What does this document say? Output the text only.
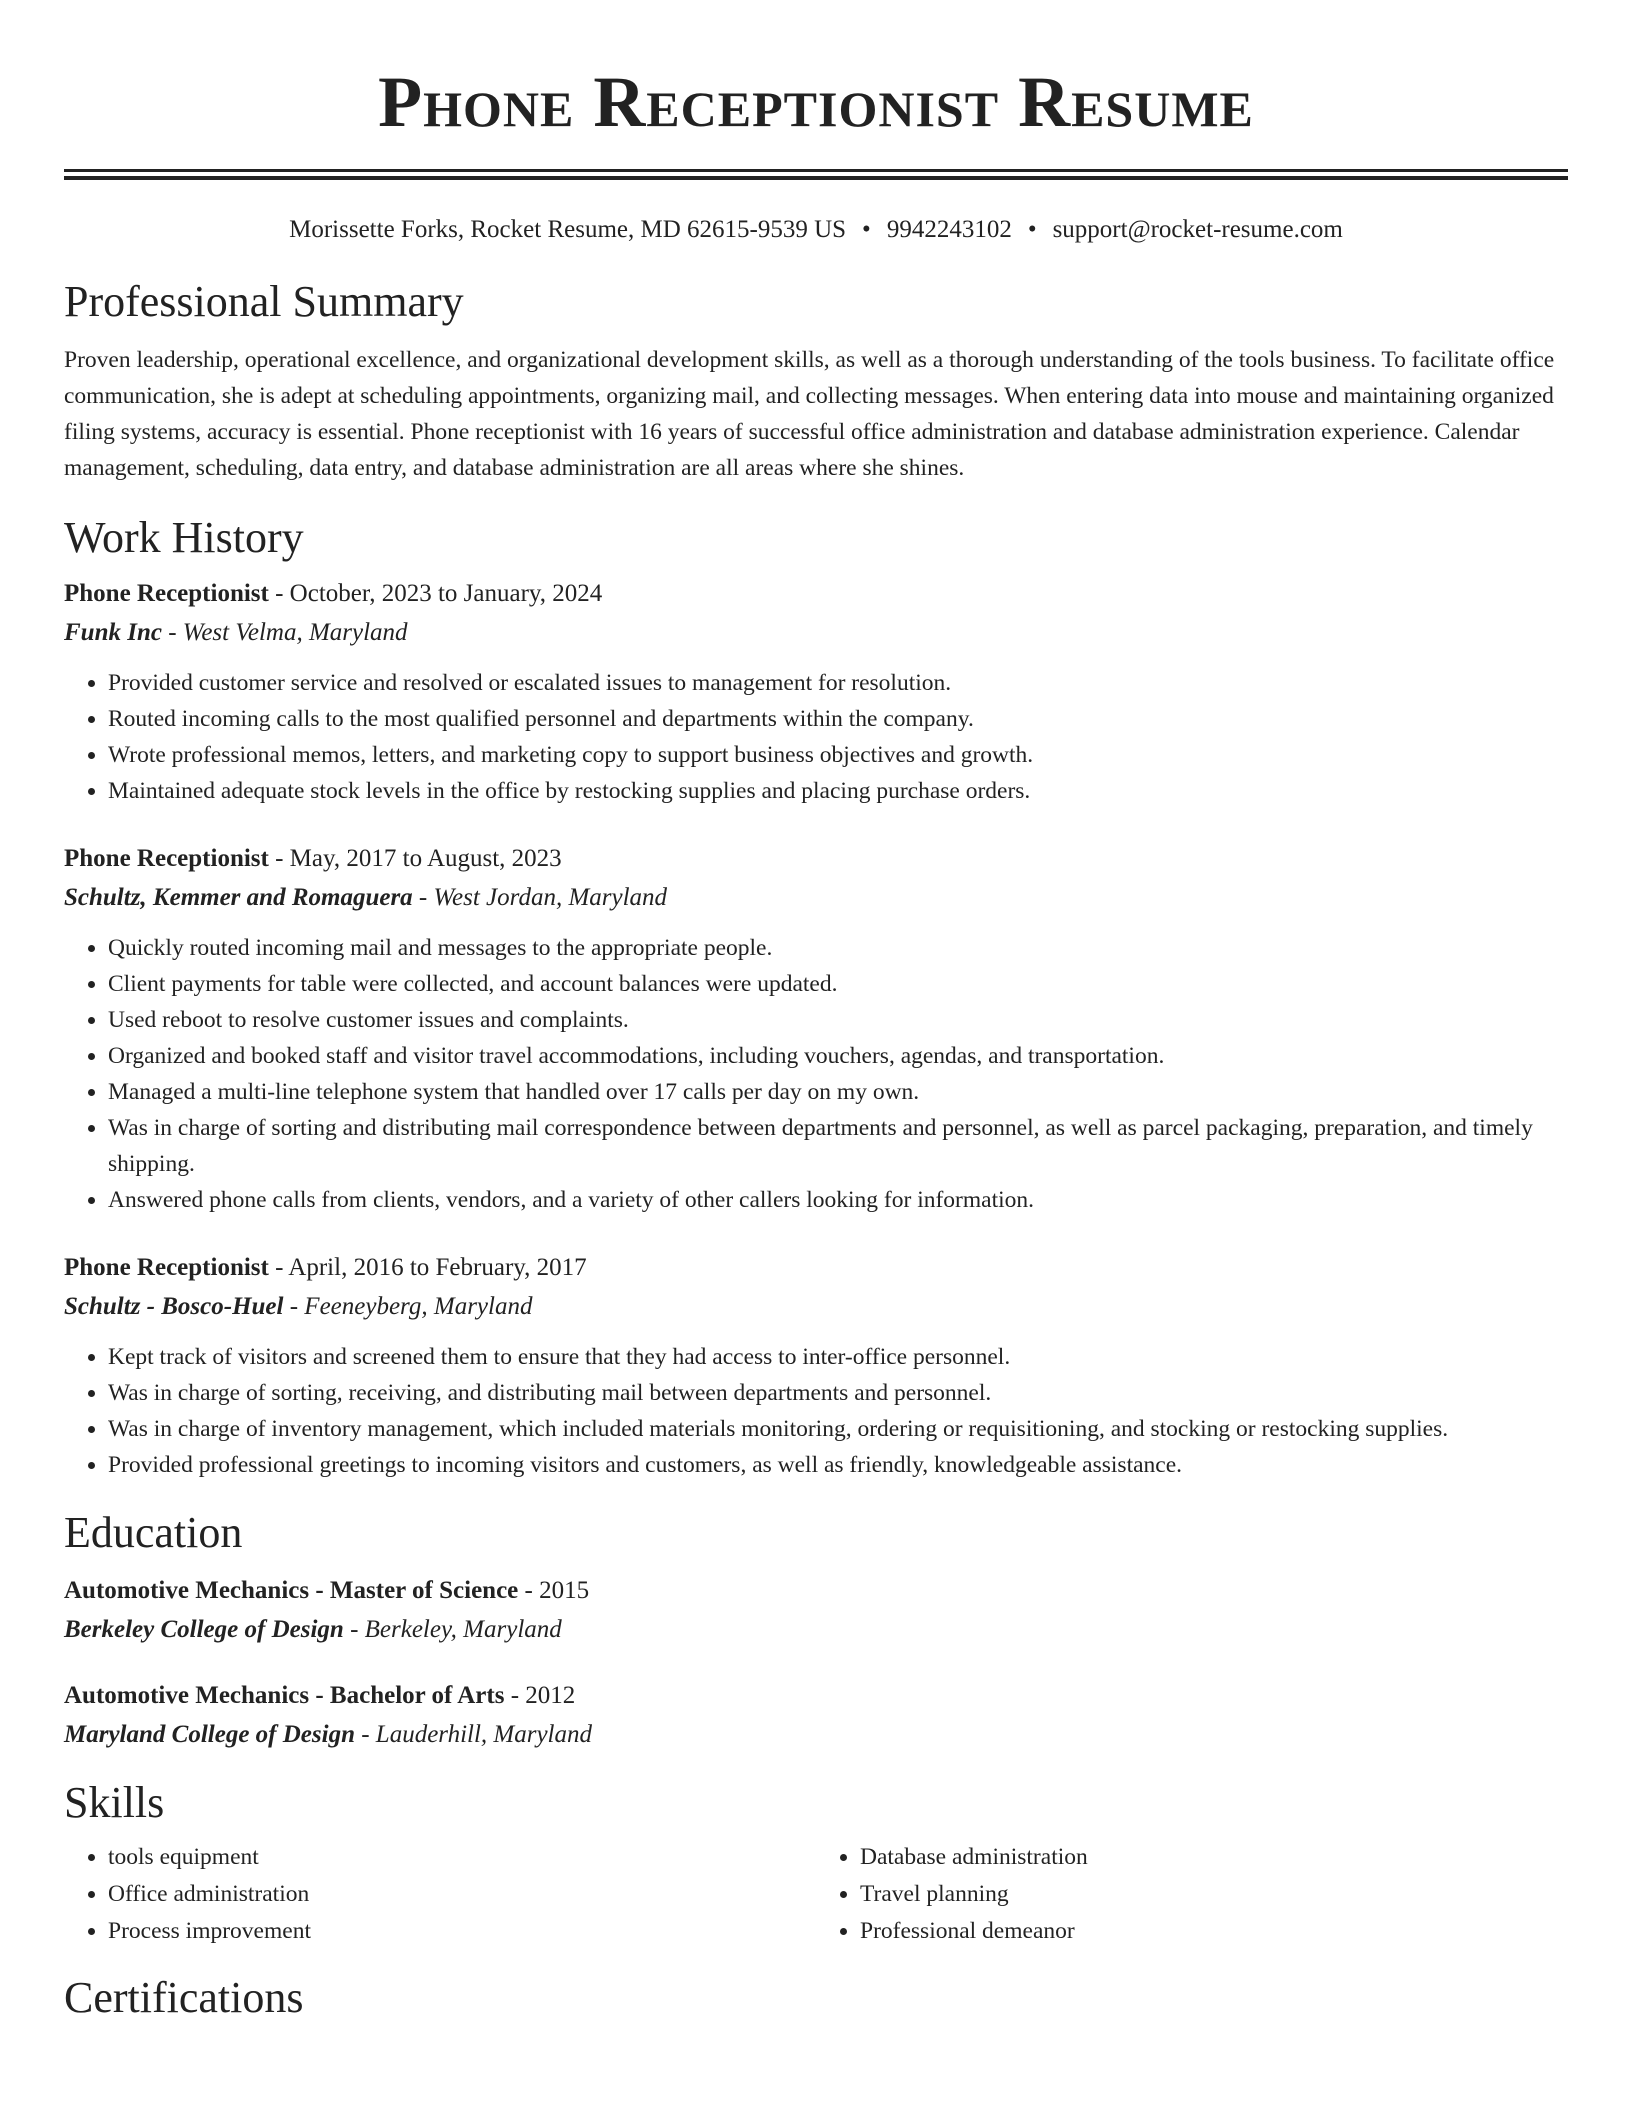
Phone Receptionist Resume
Morissette Forks, Rocket Resume, MD 62615-9539 US • 9942243102 • support@rocket-resume.com
Professional Summary

Proven leadership, operational excellence, and organizational development skills, as well as a thorough understanding of the tools business. To facilitate office communication, she is adept at scheduling appointments, organizing mail, and collecting messages. When entering data into mouse and maintaining organized filing systems, accuracy is essential. Phone receptionist with 16 years of successful office administration and database administration experience. Calendar management, scheduling, data entry, and database administration are all areas where she shines.

Work History
Phone Receptionist - October, 2023 to January, 2024
Funk Inc - West Velma, Maryland
• Provided customer service and resolved or escalated issues to management for resolution.
• Routed incoming calls to the most qualified personnel and departments within the company.
• Wrote professional memos, letters, and marketing copy to support business objectives and growth.
• Maintained adequate stock levels in the office by restocking supplies and placing purchase orders.
Phone Receptionist - May, 2017 to August, 2023
Schultz, Kemmer and Romaguera - West Jordan, Maryland
• Quickly routed incoming mail and messages to the appropriate people.
• Client payments for table were collected, and account balances were updated.
• Used reboot to resolve customer issues and complaints.
• Organized and booked staff and visitor travel accommodations, including vouchers, agendas, and transportation.
• Managed a multi-line telephone system that handled over 17 calls per day on my own.
• Was in charge of sorting and distributing mail correspondence between departments and personnel, as well as parcel packaging, preparation, and timely shipping.
• Answered phone calls from clients, vendors, and a variety of other callers looking for information.
Phone Receptionist - April, 2016 to February, 2017
Schultz - Bosco-Huel - Feeneyberg, Maryland
• Kept track of visitors and screened them to ensure that they had access to inter-office personnel.
• Was in charge of sorting, receiving, and distributing mail between departments and personnel.
• Was in charge of inventory management, which included materials monitoring, ordering or requisitioning, and stocking or restocking supplies.
• Provided professional greetings to incoming visitors and customers, as well as friendly, knowledgeable assistance.
Education
Automotive Mechanics - Master of Science - 2015
Berkeley College of Design - Berkeley, Maryland
Automotive Mechanics - Bachelor of Arts - 2012
Maryland College of Design - Lauderhill, Maryland
Skills
• tools equipment
• Office administration
• Process improvement
• Database administration
• Travel planning
• Professional demeanor
Certifications
